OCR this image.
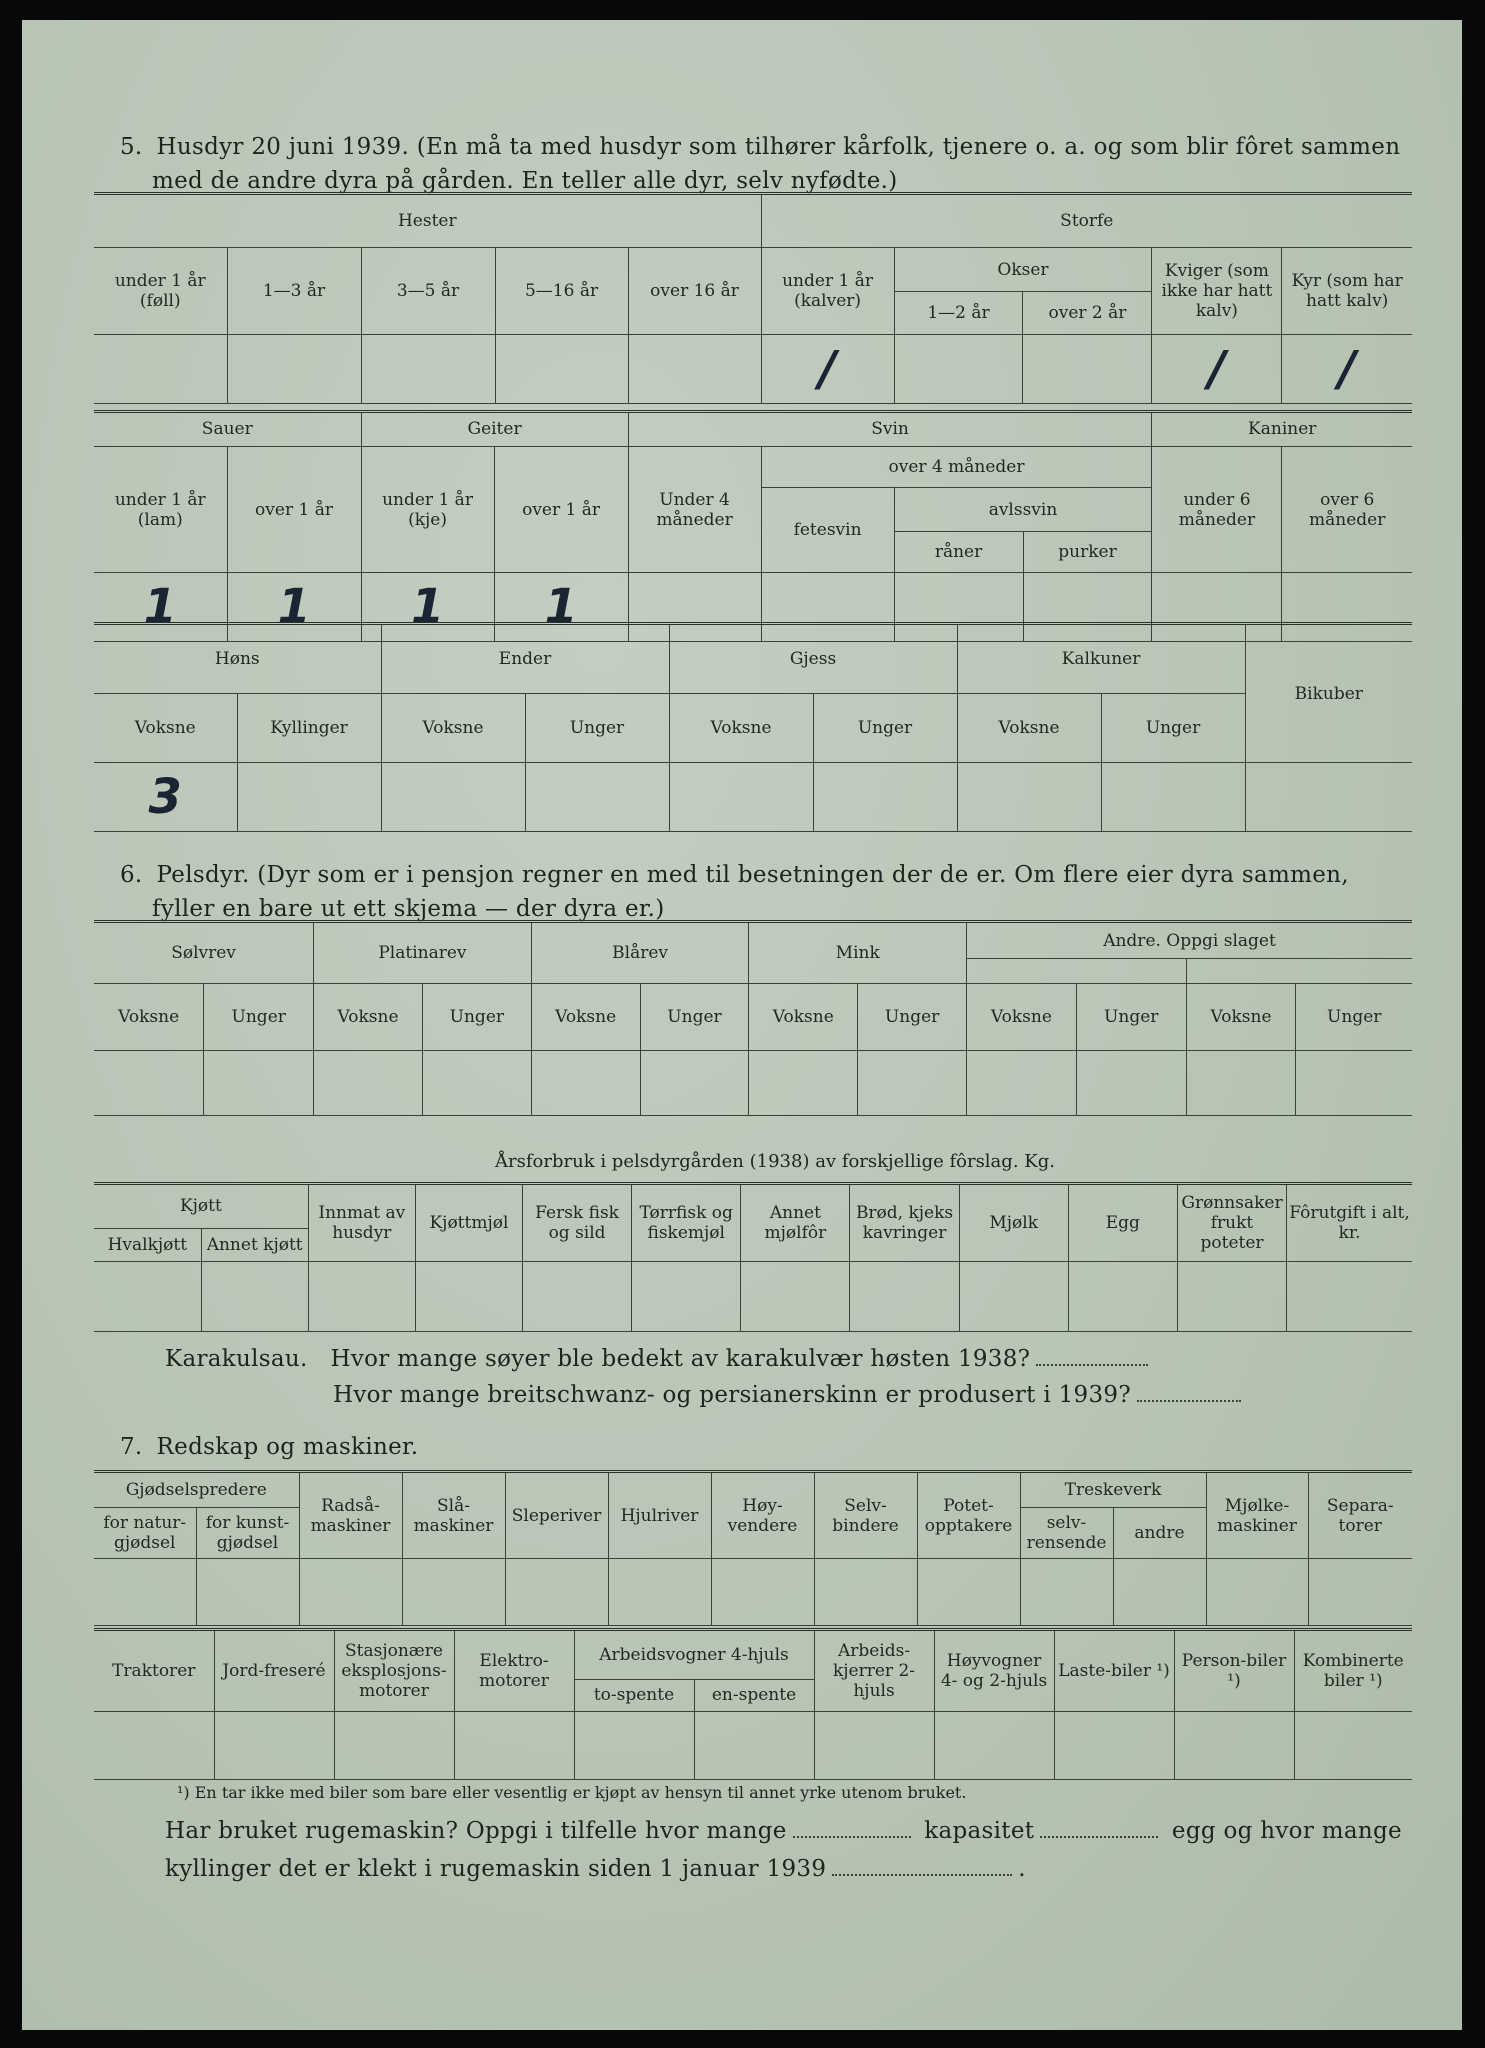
5. Husdyr 20 juni 1939. (En må ta med husdyr som tilhører kårfolk, tjenere o. a. og som blir fôret sammen
med de andre dyra på gården. En teller alle dyr, selv nyfødte.)
Hester					Storfe				
under 1 år (føll)	1—3 år	3—5 år	5—16 år	over 16 år	under 1 år (kalver)	Okser		Kviger (som ikke har hatt kalv)	Kyr (som har hatt kalv)
						1—2 år	over 2 år		
					/			/	/
Sauer		Geiter		Svin				Kaniner	
under 1 år (lam)	over 1 år	under 1 år (kje)	over 1 år	Under 4 måneder	over 4 måneder			under 6 måneder	over 6 måneder
					fetesvin	avlssvin			
						råner	purker		
1	1	1	1						
Høns		Ender		Gjess		Kalkuner		Bikuber
Voksne	Kyllinger	Voksne	Unger	Voksne	Unger	Voksne	Unger	
3								
6. Pelsdyr. (Dyr som er i pensjon regner en med til besetningen der de er. Om flere eier dyra sammen,
fyller en bare ut ett skjema — der dyra er.)
Sølvrev		Platinarev		Blårev		Mink		Andre. Oppgi slaget			

Voksne	Unger	Voksne	Unger	Voksne	Unger	Voksne	Unger	Voksne	Unger	Voksne	Unger

Årsforbruk i pelsdyrgården (1938) av forskjellige fôrslag. Kg.
Kjøtt		Innmat av husdyr	Kjøttmjøl	Fersk fisk og sild	Tørrfisk og fiskemjøl	Annet mjølfôr	Brød, kjeks kavringer	Mjølk	Egg	Grønnsaker frukt poteter	Fôrutgift i alt, kr.
Hvalkjøtt	Annet kjøtt										

Karakulsau. Hvor mange søyer ble bedekt av karakulvær høsten 1938?
Hvor mange breitschwanz- og persianerskinn er produsert i 1939?
7. Redskap og maskiner.
Gjødselspredere		Radså-maskiner	Slå-maskiner	Sleperiver	Hjulriver	Høy-vendere	Selv-bindere	Potet-opptakere	Treskeverk		Mjølke-maskiner	Separa-torer
for natur-gjødsel	for kunst-gjødsel								selv-rensende	andre		

Traktorer	Jord-freseré	Stasjonære eksplosjons-motorer	Elektro-motorer	Arbeidsvogner 4-hjuls		Arbeids-kjerrer 2-hjuls	Høyvogner 4- og 2-hjuls	Laste-biler ¹)	Person-biler ¹)	Kombinerte biler ¹)
				to-spente	en-spente					

¹) En tar ikke med biler som bare eller vesentlig er kjøpt av hensyn til annet yrke utenom bruket.
Har bruket rugemaskin? Oppgi i tilfelle hvor mange	kapasitet	egg og hvor mange
kyllinger det er klekt i rugemaskin siden 1 januar 1939	.
